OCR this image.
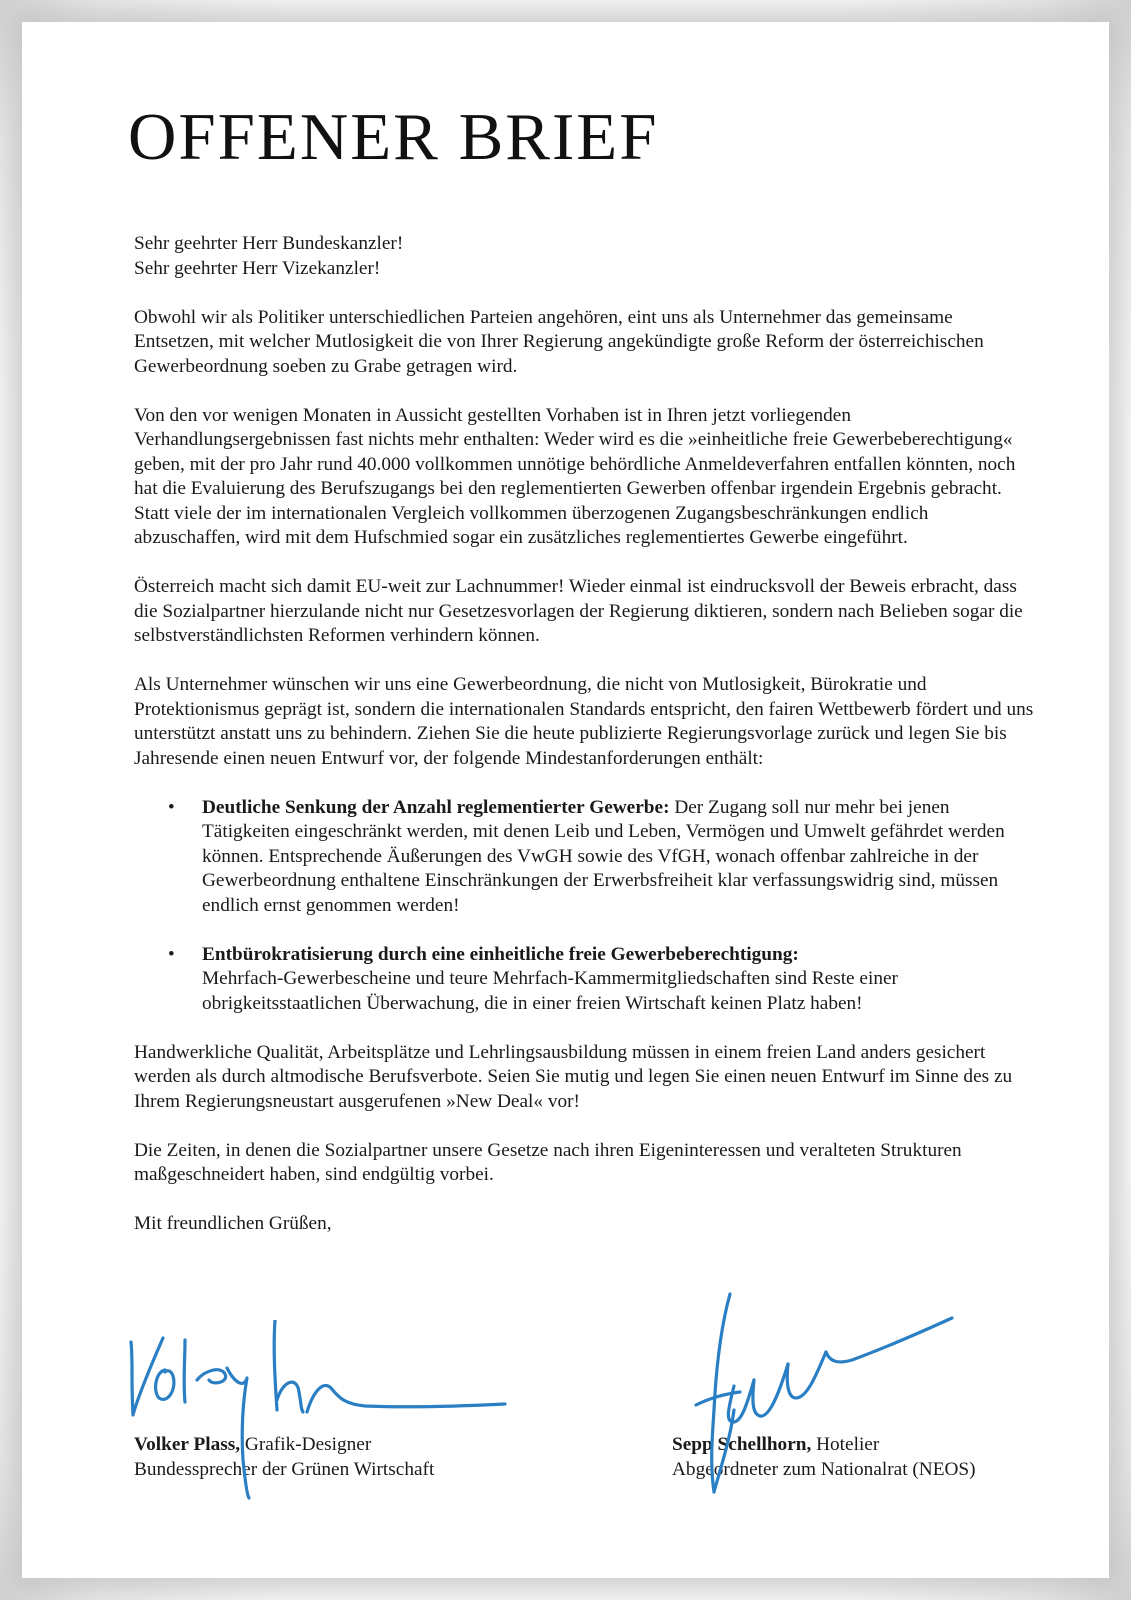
OFFENER BRIEF

Sehr geehrter Herr Bundeskanzler!
Sehr geehrter Herr Vizekanzler!

Obwohl wir als Politiker unterschiedlichen Parteien angehören, eint uns als Unternehmer das gemeinsame Entsetzen, mit welcher Mutlosigkeit die von Ihrer Regierung angekündigte große Reform der österreichischen Gewerbeordnung soeben zu Grabe getragen wird.

Von den vor wenigen Monaten in Aussicht gestellten Vorhaben ist in Ihren jetzt vorliegenden Verhandlungsergebnissen fast nichts mehr enthalten: Weder wird es die »einheitliche freie Gewerbeberechtigung« geben, mit der pro Jahr rund 40.000 vollkommen unnötige behördliche Anmeldeverfahren entfallen könnten, noch hat die Evaluierung des Berufszugangs bei den reglementierten Gewerben offenbar irgendein Ergebnis gebracht. Statt viele der im internationalen Vergleich vollkommen überzogenen Zugangsbeschränkungen endlich abzuschaffen, wird mit dem Hufschmied sogar ein zusätzliches reglementiertes Gewerbe eingeführt.

Österreich macht sich damit EU-weit zur Lachnummer! Wieder einmal ist eindrucksvoll der Beweis erbracht, dass die Sozialpartner hierzulande nicht nur Gesetzesvorlagen der Regierung diktieren, sondern nach Belieben sogar die selbstverständlichsten Reformen verhindern können.

Als Unternehmer wünschen wir uns eine Gewerbeordnung, die nicht von Mutlosigkeit, Bürokratie und Protektionismus geprägt ist, sondern die internationalen Standards entspricht, den fairen Wettbewerb fördert und uns unterstützt anstatt uns zu behindern. Ziehen Sie die heute publizierte Regierungsvorlage zurück und legen Sie bis Jahresende einen neuen Entwurf vor, der folgende Mindestanforderungen enthält:

• Deutliche Senkung der Anzahl reglementierter Gewerbe: Der Zugang soll nur mehr bei jenen Tätigkeiten eingeschränkt werden, mit denen Leib und Leben, Vermögen und Umwelt gefährdet werden können. Entsprechende Äußerungen des VwGH sowie des VfGH, wonach offenbar zahlreiche in der Gewerbeordnung enthaltene Einschränkungen der Erwerbsfreiheit klar verfassungswidrig sind, müssen endlich ernst genommen werden!
• Entbürokratisierung durch eine einheitliche freie Gewerbeberechtigung:
Mehrfach-Gewerbescheine und teure Mehrfach-Kammermitgliedschaften sind Reste einer obrigkeitsstaatlichen Überwachung, die in einer freien Wirtschaft keinen Platz haben!

Handwerkliche Qualität, Arbeitsplätze und Lehrlingsausbildung müssen in einem freien Land anders gesichert werden als durch altmodische Berufsverbote. Seien Sie mutig und legen Sie einen neuen Entwurf im Sinne des zu Ihrem Regierungsneustart ausgerufenen »New Deal« vor!

Die Zeiten, in denen die Sozialpartner unsere Gesetze nach ihren Eigeninteressen und veralteten Strukturen maßgeschneidert haben, sind endgültig vorbei.

Mit freundlichen Grüßen,

Volker Plass, Grafik-Designer
Bundessprecher der Grünen Wirtschaft
Sepp Schellhorn, Hotelier
Abgeordneter zum Nationalrat (NEOS)
